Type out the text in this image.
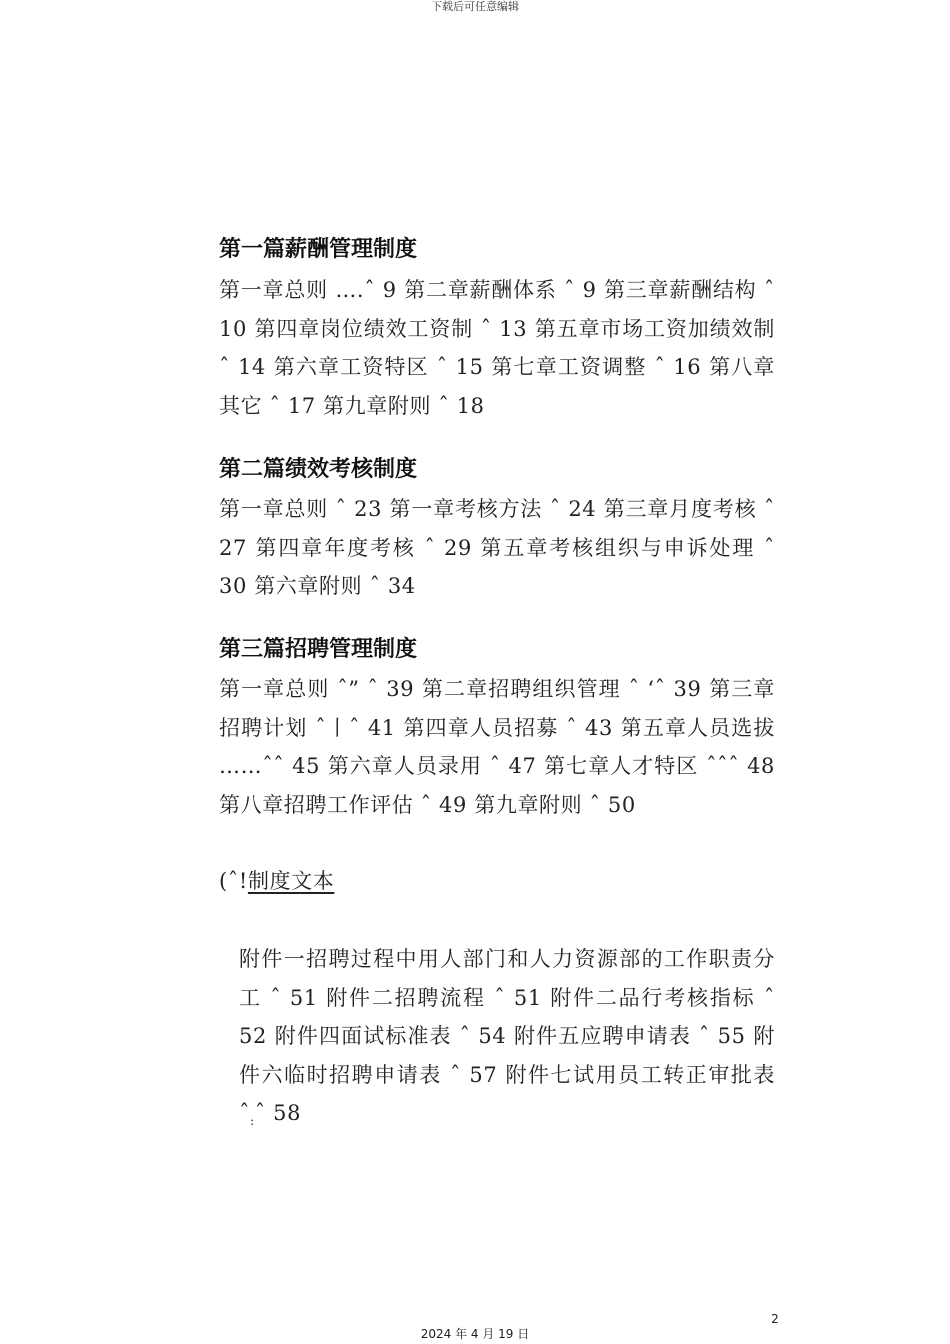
下载后可任意编辑
第一篇薪酬管理制度

第一章总则 ….ˆ 9 第二章薪酬体系 ˆ 9 第三章薪酬结构 ˆ 10 第四章岗位绩效工资制 ˆ 13 第五章市场工资加绩效制 ˆ 14 第六章工资特区 ˆ 15 第七章工资调整 ˆ 16 第八章其它 ˆ 17 第九章附则 ˆ 18

第二篇绩效考核制度

第一章总则 ˆ 23 第一章考核方法 ˆ 24 第三章月度考核 ˆ 27 第四章年度考核 ˆ 29 第五章考核组织与申诉处理 ˆ 30 第六章附则 ˆ 34

第三篇招聘管理制度

第一章总则 ˆ” ˆ 39 第二章招聘组织管理 ˆ ‘ˆ 39 第三章招聘计划 ˆ丨ˆ 41 第四章人员招募 ˆ 43 第五章人员选拔 ……ˆˆ 45 第六章人员录用 ˆ 47 第七章人才特区 ˆˆˆ 48 第八章招聘工作评估 ˆ 49 第九章附则 ˆ 50

(ˆ!制度文本

附件一招聘过程中用人部门和人力资源部的工作职责分工 ˆ 51 附件二招聘流程 ˆ 51 附件二品行考核指标 ˆ 52 附件四面试标准表 ˆ 54 附件五应聘申请表 ˆ 55 附件六临时招聘申请表 ˆ 57 附件七试用员工转正审批表 ˆ$_:$ˆ 58

2
2024 年 4 月 19 日
